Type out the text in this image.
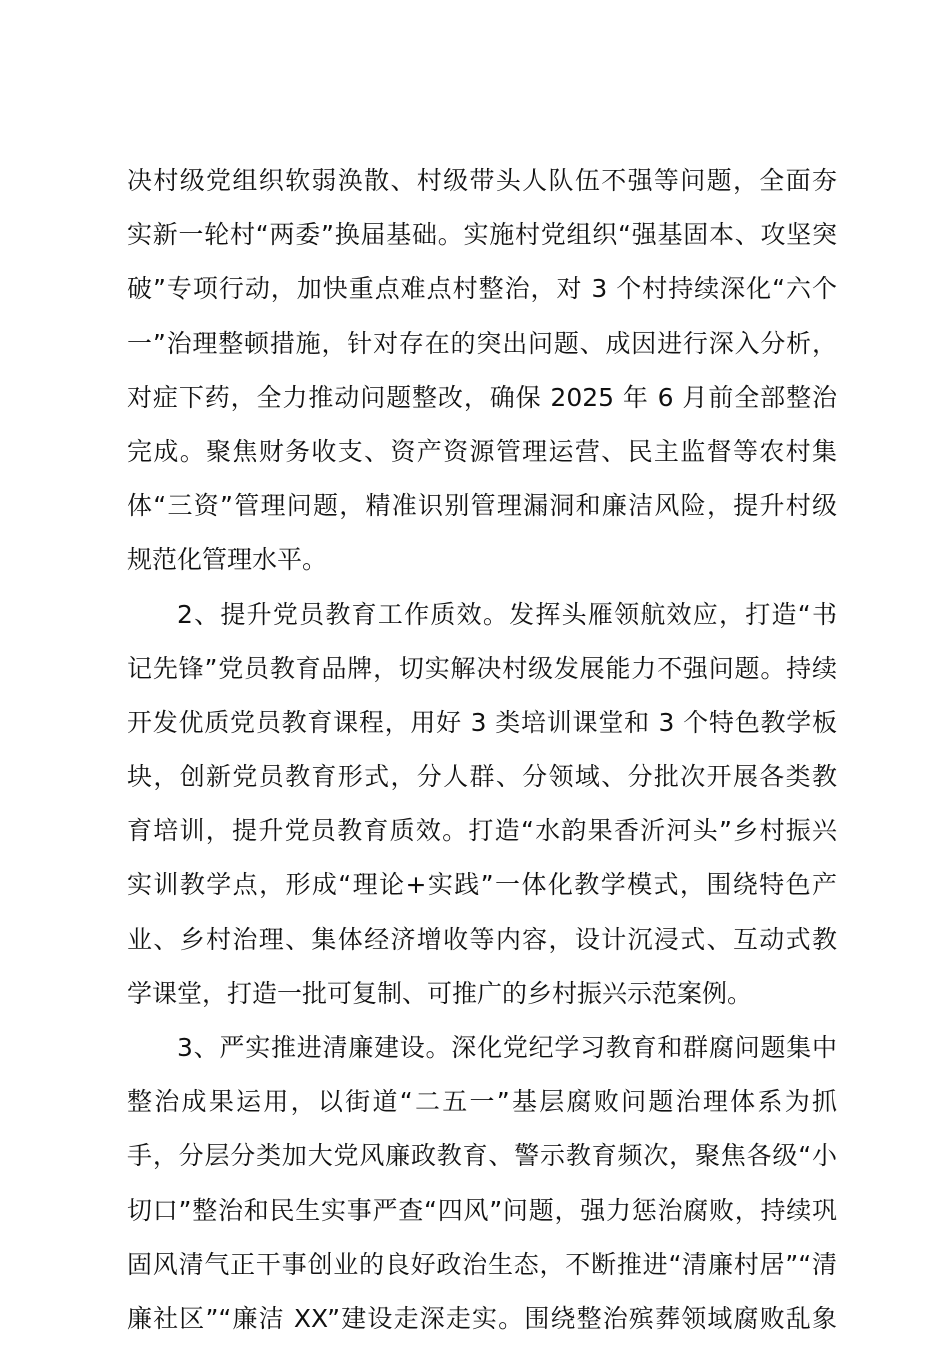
决村级党组织软弱涣散、村级带头人队伍不强等问题，全面夯
实新一轮村“两委”换届基础。实施村党组织“强基固本、攻坚突
破”专项行动，加快重点难点村整治，对 3 个村持续深化“六个
一”治理整顿措施，针对存在的突出问题、成因进行深入分析，
对症下药，全力推动问题整改，确保 2025 年 6 月前全部整治
完成。聚焦财务收支、资产资源管理运营、民主监督等农村集
体“三资”管理问题，精准识别管理漏洞和廉洁风险，提升村级
规范化管理水平。
2、提升党员教育工作质效。发挥头雁领航效应，打造“书
记先锋”党员教育品牌，切实解决村级发展能力不强问题。持续
开发优质党员教育课程，用好 3 类培训课堂和 3 个特色教学板
块，创新党员教育形式，分人群、分领域、分批次开展各类教
育培训，提升党员教育质效。打造“水韵果香沂河头”乡村振兴
实训教学点，形成“理论+实践”一体化教学模式，围绕特色产
业、乡村治理、集体经济增收等内容，设计沉浸式、互动式教
学课堂，打造一批可复制、可推广的乡村振兴示范案例。
3、严实推进清廉建设。深化党纪学习教育和群腐问题集中
整治成果运用，以街道“二五一”基层腐败问题治理体系为抓
手，分层分类加大党风廉政教育、警示教育频次，聚焦各级“小
切口”整治和民生实事严查“四风”问题，强力惩治腐败，持续巩
固风清气正干事创业的良好政治生态，不断推进“清廉村居”“清
廉社区”“廉洁 XX”建设走深走实。围绕整治殡葬领域腐败乱象
